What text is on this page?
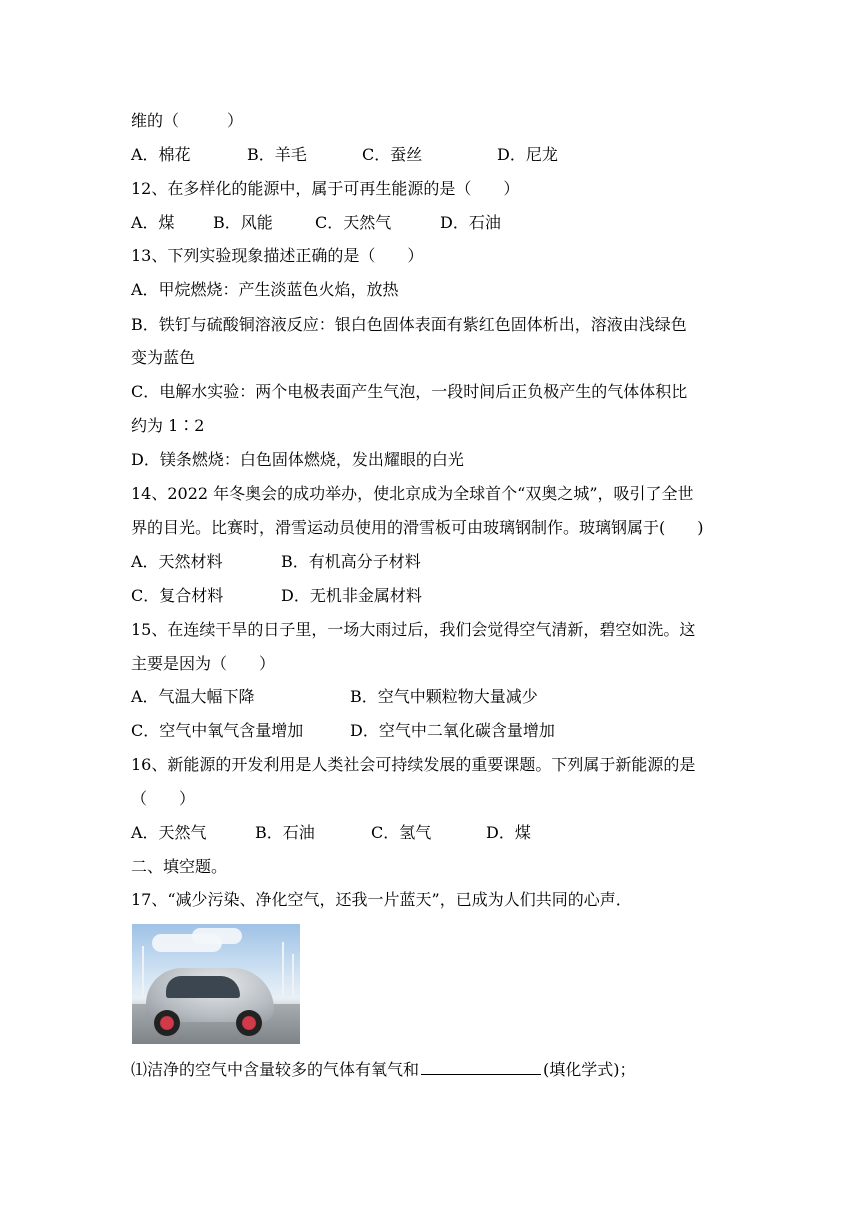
维的（　　　）
A．棉花	B．羊毛	C．蚕丝	D．尼龙
12、在多样化的能源中，属于可再生能源的是（　　）
A．煤 B．风能	C．天然气	D．石油
13、下列实验现象描述正确的是（　　）
A．甲烷燃烧：产生淡蓝色火焰，放热
B．铁钉与硫酸铜溶液反应：银白色固体表面有紫红色固体析出，溶液由浅绿色
变为蓝色
C．电解水实验：两个电极表面产生气泡，一段时间后正负极产生的气体体积比
约为 1∶2
D．镁条燃烧：白色固体燃烧，发出耀眼的白光
14、2022 年冬奥会的成功举办，使北京成为全球首个“双奥之城”，吸引了全世
界的目光。比赛时，滑雪运动员使用的滑雪板可由玻璃钢制作。玻璃钢属于(　　)
A．天然材料	B．有机高分子材料
C．复合材料	D．无机非金属材料
15、在连续干旱的日子里，一场大雨过后，我们会觉得空气清新，碧空如洗。这
主要是因为（　　）
A．气温大幅下降	B．空气中颗粒物大量减少
C．空气中氧气含量增加	D．空气中二氧化碳含量增加
16、新能源的开发利用是人类社会可持续发展的重要课题。下列属于新能源的是
（　　）
A．天然气	B．石油	C．氢气	D．煤
二、填空题。
17、“减少污染、净化空气，还我一片蓝天”，已成为人们共同的心声．
⑴洁净的空气中含量较多的气体有氧气和	(填化学式)；
